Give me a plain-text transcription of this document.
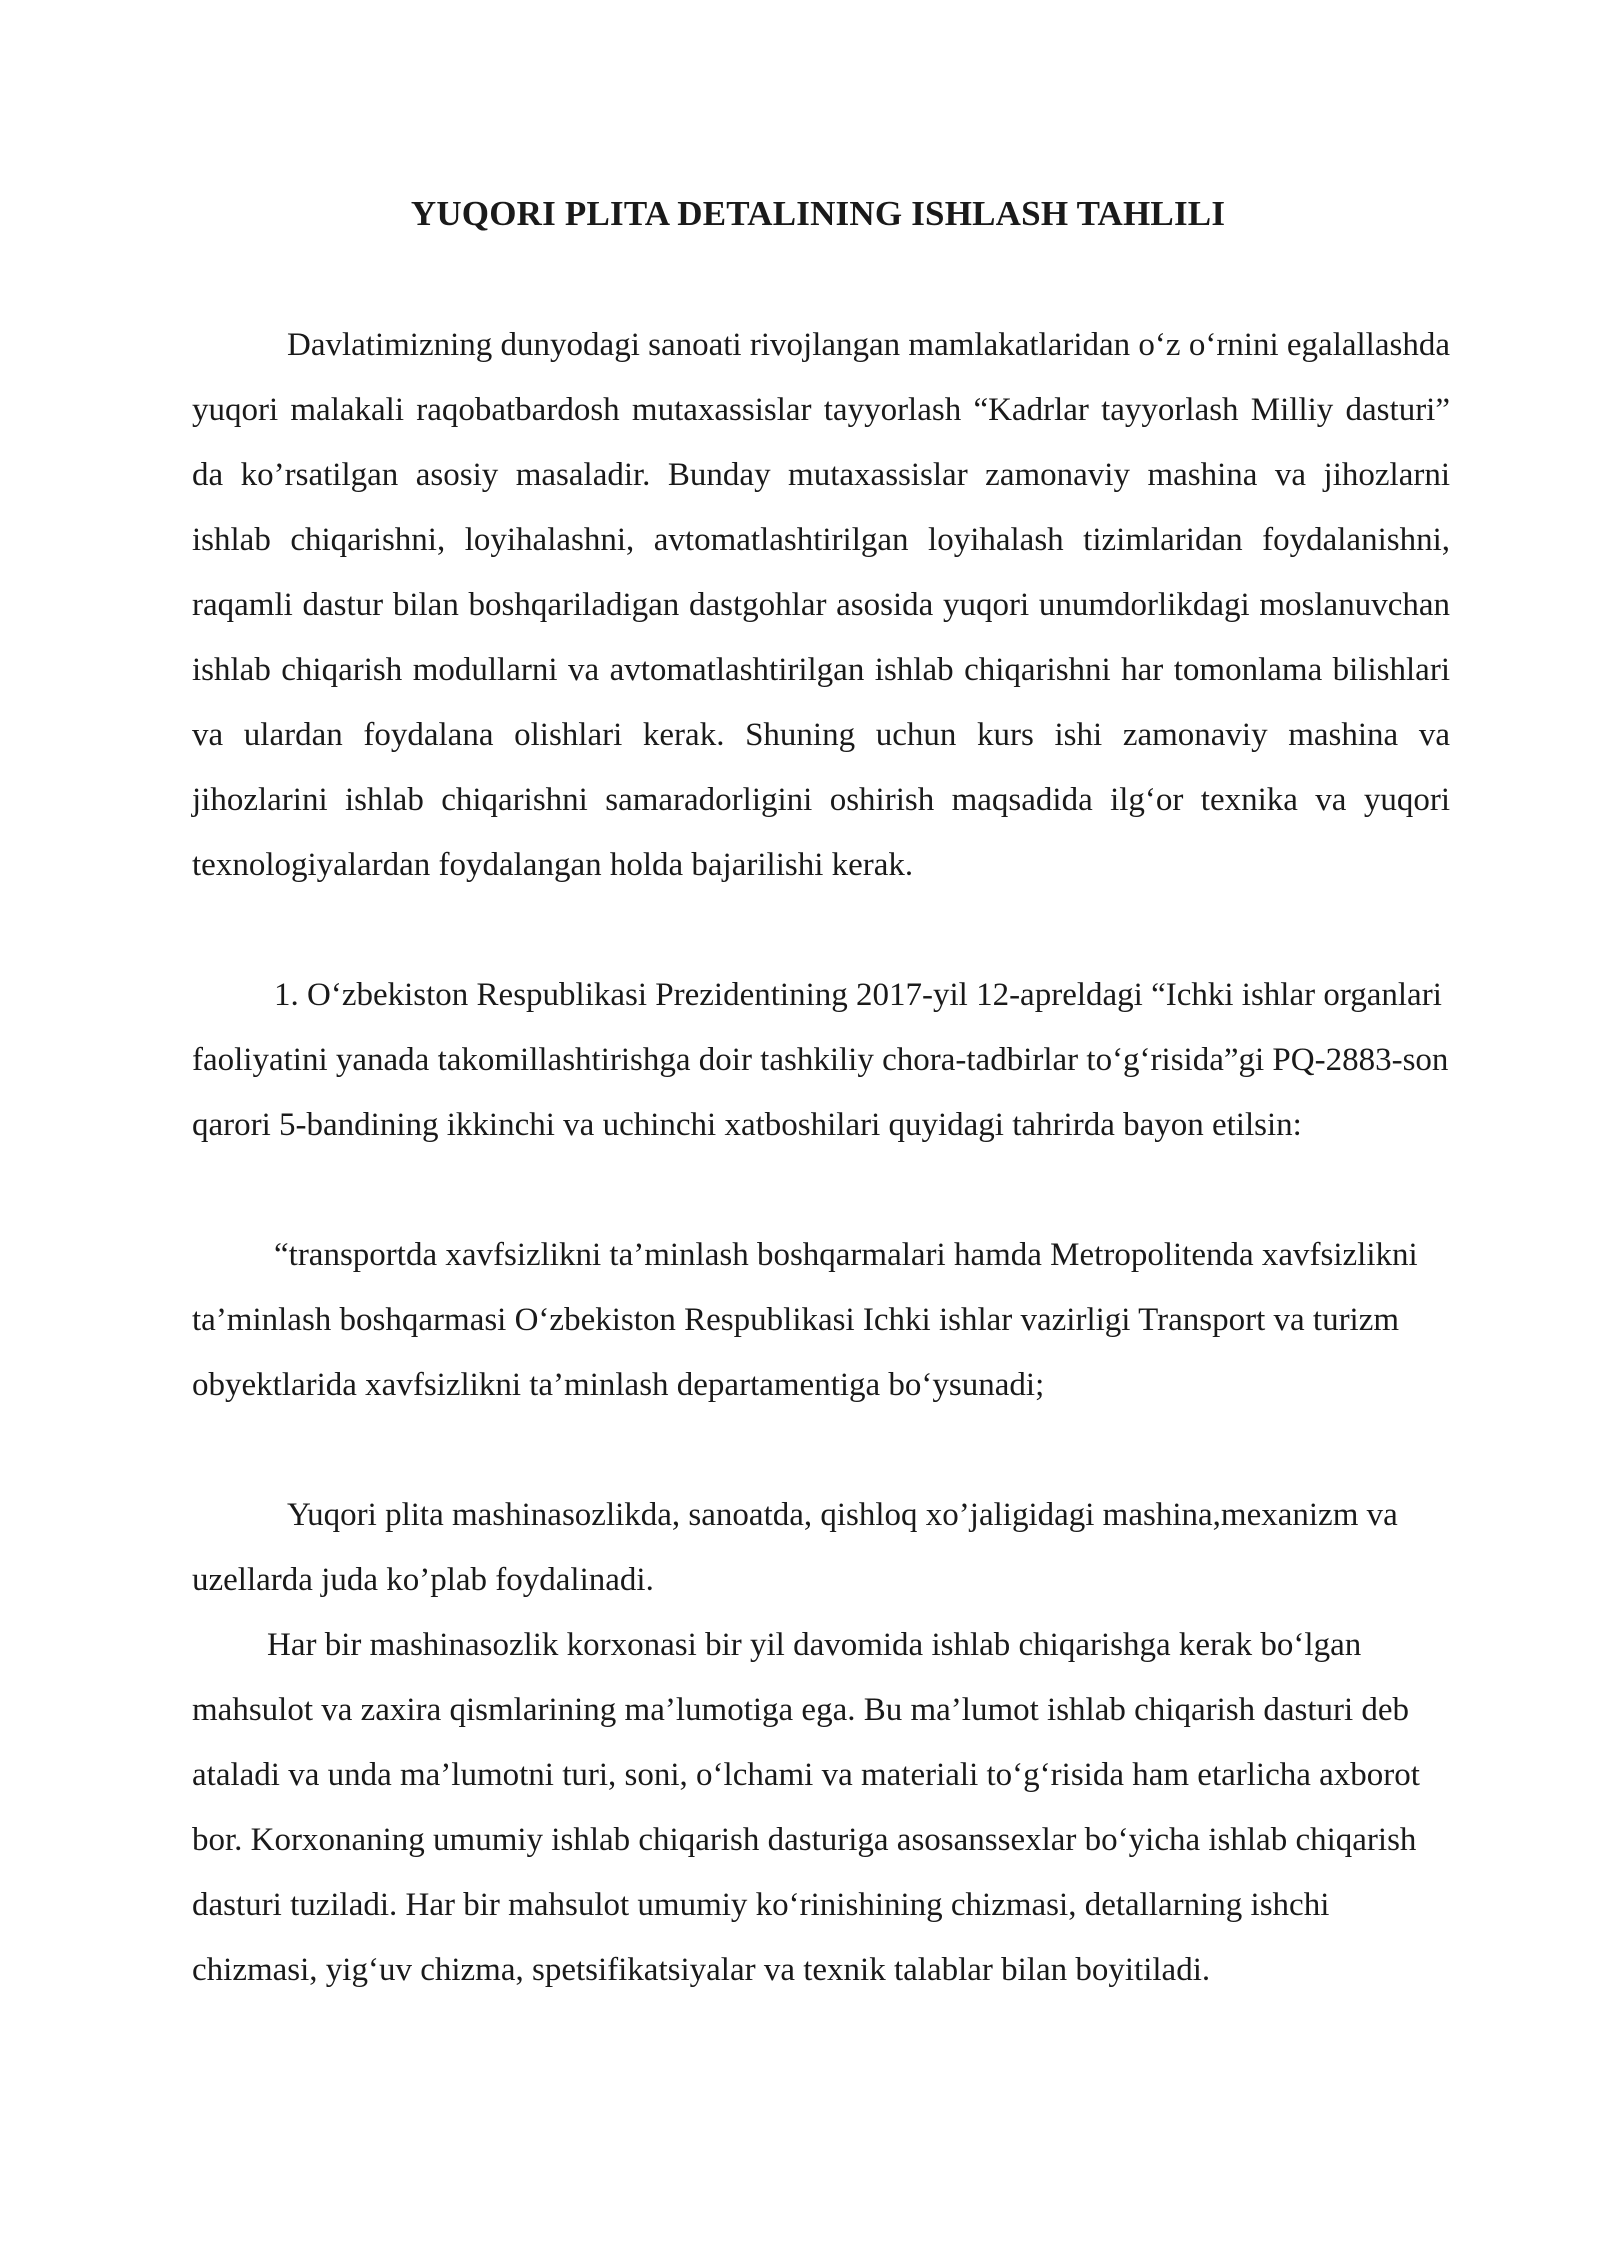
YUQORI PLITA DETALINING ISHLASH TAHLILI

Davlatimizning dunyodagi sanoati rivojlangan mamlakatlaridan o‘z o‘rnini egalallashda yuqori malakali raqobatbardosh mutaxassislar tayyorlash “Kadrlar tayyorlash Milliy dasturi” da ko’rsatilgan asosiy masaladir. Bunday mutaxassislar zamonaviy mashina va jihozlarni ishlab chiqarishni, loyihalashni, avtomatlashtirilgan loyihalash tizimlaridan foydalanishni, raqamli dastur bilan boshqariladigan dastgohlar asosida yuqori unumdorlikdagi moslanuvchan ishlab chiqarish modullarni va avtomatlashtirilgan ishlab chiqarishni har tomonlama bilishlari va ulardan foydalana olishlari kerak. Shuning uchun kurs ishi zamonaviy mashina va jihozlarini ishlab chiqarishni samaradorligini oshirish maqsadida ilg‘or texnika va yuqori texnologiyalardan foydalangan holda bajarilishi kerak.

1. O‘zbekiston Respublikasi Prezidentining 2017-yil 12-apreldagi “Ichki ishlar organlari faoliyatini yanada takomillashtirishga doir tashkiliy chora-tadbirlar to‘g‘risida”gi PQ-2883-son qarori 5-bandining ikkinchi va uchinchi xatboshilari quyidagi tahrirda bayon etilsin:

“transportda xavfsizlikni ta’minlash boshqarmalari hamda Metropolitenda xavfsizlikni ta’minlash boshqarmasi O‘zbekiston Respublikasi Ichki ishlar vazirligi Transport va turizm obyektlarida xavfsizlikni ta’minlash departamentiga bo‘ysunadi;

Yuqori plita mashinasozlikda, sanoatda, qishloq xo’jaligidagi mashina,mexanizm va uzellarda juda ko’plab foydalinadi.

Har bir mashinasozlik korxonasi bir yil davomida ishlab chiqarishga kerak bo‘lgan mahsulot va zaxira qismlarining ma’lumotiga ega. Bu ma’lumot ishlab chiqarish dasturi deb ataladi va unda ma’lumotni turi, soni, o‘lchami va materiali to‘g‘risida ham etarlicha axborot bor. Korxonaning umumiy ishlab chiqarish dasturiga asosanssexlar bo‘yicha ishlab chiqarish dasturi tuziladi. Har bir mahsulot umumiy ko‘rinishining chizmasi, detallarning ishchi chizmasi, yig‘uv chizma, spetsifikatsiyalar va texnik talablar bilan boyitiladi.
